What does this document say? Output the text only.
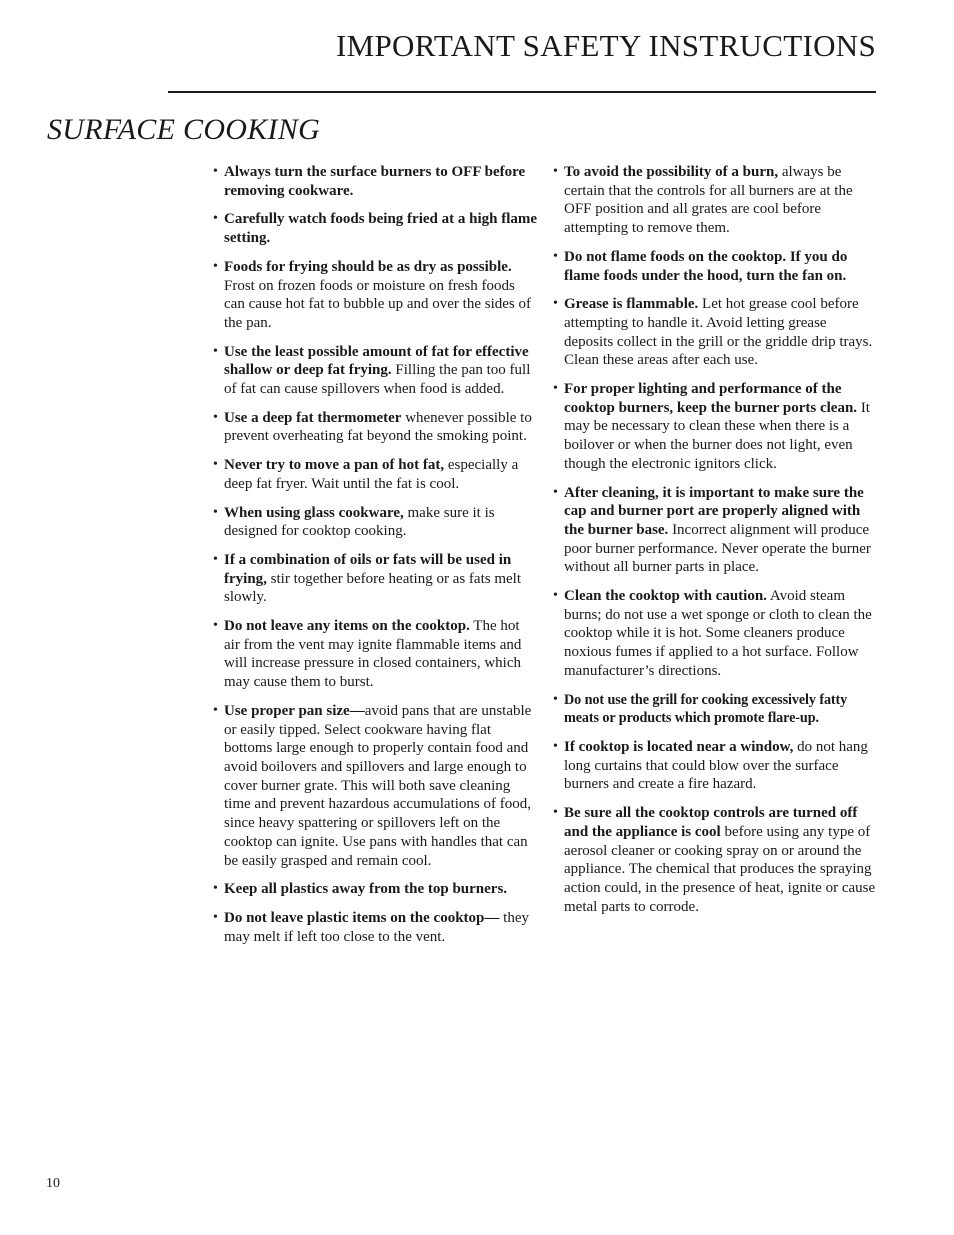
IMPORTANT SAFETY INSTRUCTIONS
SURFACE COOKING

• Always turn the surface burners to OFF before removing cookware.

• Carefully watch foods being fried at a high flame setting.

• Foods for frying should be as dry as possible. Frost on frozen foods or moisture on fresh foods can cause hot fat to bubble up and over the sides of the pan.

• Use the least possible amount of fat for effective shallow or deep fat frying. Filling the pan too full of fat can cause spillovers when food is added.

• Use a deep fat thermometer whenever possible to prevent overheating fat beyond the smoking point.

• Never try to move a pan of hot fat, especially a deep fat fryer. Wait until the fat is cool.

• When using glass cookware, make sure it is designed for cooktop cooking.

• If a combination of oils or fats will be used in frying, stir together before heating or as fats melt slowly.

• Do not leave any items on the cooktop. The hot air from the vent may ignite flammable items and will increase pressure in closed containers, which may cause them to burst.

• Use proper pan size—avoid pans that are unstable or easily tipped. Select cookware having flat bottoms large enough to properly contain food and avoid boilovers and spillovers and large enough to cover burner grate. This will both save cleaning time and prevent hazardous accumulations of food, since heavy spattering or spillovers left on the cooktop can ignite. Use pans with handles that can be easily grasped and remain cool.

• Keep all plastics away from the top burners.

• Do not leave plastic items on the cooktop— they may melt if left too close to the vent.

• To avoid the possibility of a burn, always be certain that the controls for all burners are at the OFF position and all grates are cool before attempting to remove them.

• Do not flame foods on the cooktop. If you do flame foods under the hood, turn the fan on.

• Grease is flammable. Let hot grease cool before attempting to handle it. Avoid letting grease deposits collect in the grill or the griddle drip trays. Clean these areas after each use.

• For proper lighting and performance of the cooktop burners, keep the burner ports clean. It may be necessary to clean these when there is a boilover or when the burner does not light, even though the electronic ignitors click.

• After cleaning, it is important to make sure the cap and burner port are properly aligned with the burner base. Incorrect alignment will produce poor burner performance. Never operate the burner without all burner parts in place.

• Clean the cooktop with caution. Avoid steam burns; do not use a wet sponge or cloth to clean the cooktop while it is hot. Some cleaners produce noxious fumes if applied to a hot surface. Follow manufacturer’s directions.

• Do not use the grill for cooking excessively fatty meats or products which promote flare-up.

• If cooktop is located near a window, do not hang long curtains that could blow over the surface burners and create a fire hazard.

• Be sure all the cooktop controls are turned off and the appliance is cool before using any type of aerosol cleaner or cooking spray on or around the appliance. The chemical that produces the spraying action could, in the presence of heat, ignite or cause metal parts to corrode.

10
